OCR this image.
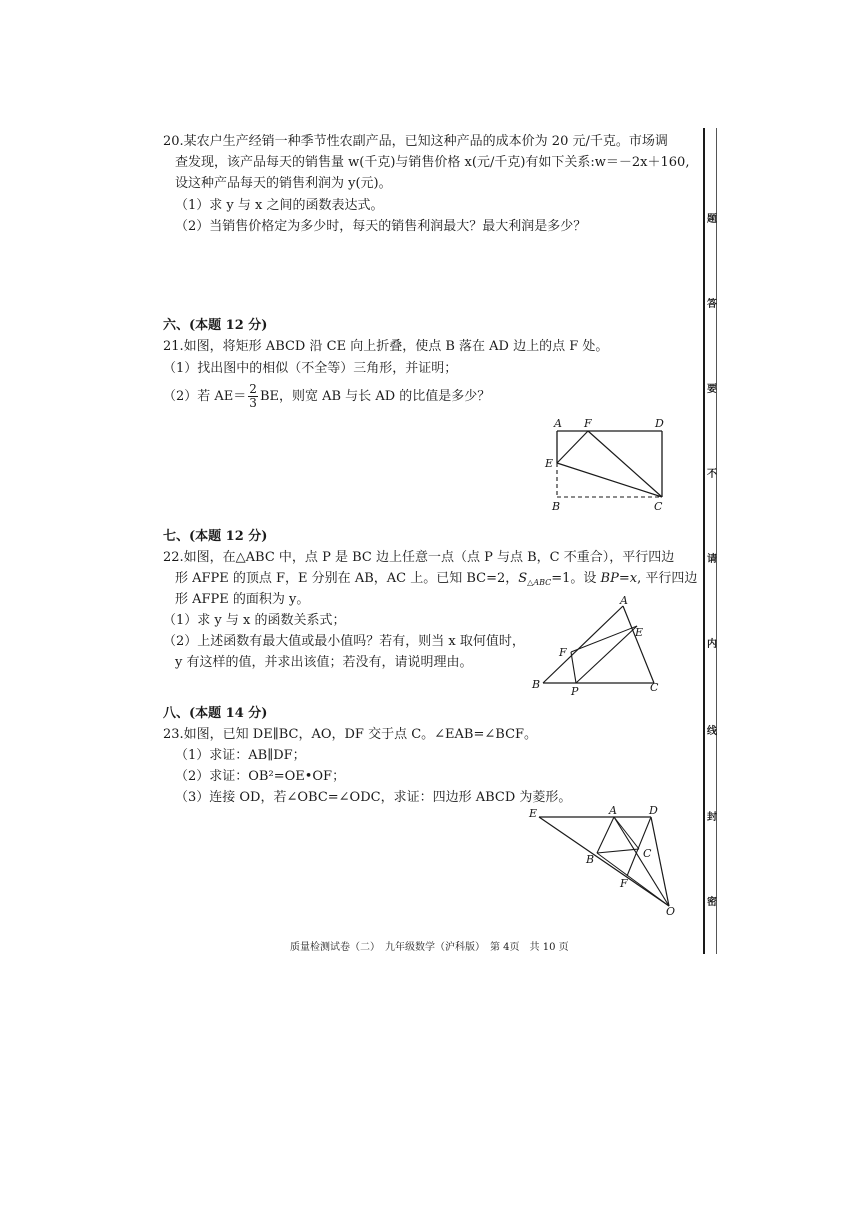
20.某农户生产经销一种季节性农副产品，已知这种产品的成本价为 20 元/千克。市场调
查发现，该产品每天的销售量 w(千克)与销售价格 x(元/千克)有如下关系:w＝－2x＋160,
设这种产品每天的销售利润为 y(元)。
（1）求 y 与 x 之间的函数表达式。
（2）当销售价格定为多少时，每天的销售利润最大？最大利润是多少？
六、(本题 12 分)
21.如图，将矩形 ABCD 沿 CE 向上折叠，使点 B 落在 AD 边上的点 F 处。
（1）找出图中的相似（不全等）三角形，并证明；
（2）若 $AE= \frac{2}{3}$ BE，则宽 AB 与长 AD 的比值是多少？
A F	D
E
B	C
七、(本题 12 分)
22.如图，在△ABC 中，点 P 是 BC 边上任意一点（点 P 与点 B，C 不重合），平行四边
形 AFPE 的顶点 F，E 分别在 AB，AC 上。已知 BC=2，$S_{\triangle ABC}=1$。设 BP=x, 平行四边
形 AFPE 的面积为 y。
（1）求 y 与 x 的函数关系式；
（2）上述函数有最大值或最小值吗？若有，则当 x 取何值时，
y 有这样的值，并求出该值；若没有，请说明理由。
A
E
F
B
P	C
八、(本题 14 分)
23.如图，已知 DE∥BC，AO，DF 交于点 C。∠EAB=∠BCF。
（1）求证：AB∥DF；
（2）求证：OB²=OE•OF；
（3）连接 OD，若∠OBC=∠ODC，求证：四边形 ABCD 为菱形。
E	A	D
B	C
F
O
质量检测试卷（二）　九年级数学（沪科版）　第 4页　共 10 页
题
答
要
不
请
内
线
封
密
